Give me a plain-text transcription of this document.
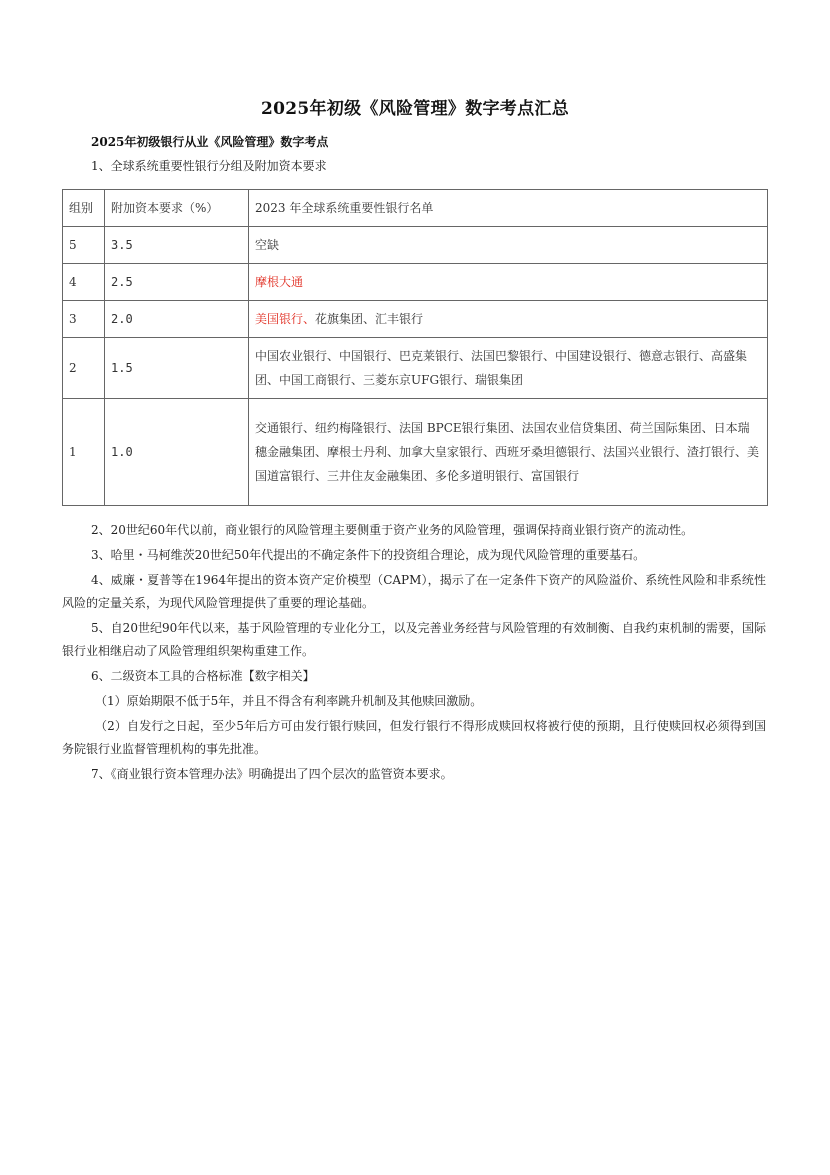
2025年初级《风险管理》数字考点汇总
2025年初级银行从业《风险管理》数字考点
1、全球系统重要性银行分组及附加资本要求
组别	附加资本要求（%）	2023 年全球系统重要性银行名单
5	3.5	空缺
4	2.5	摩根大通
3	2.0	美国银行、花旗集团、汇丰银行
2	1.5	中国农业银行、中国银行、巴克莱银行、法国巴黎银行、中国建设银行、德意志银行、高盛集团、中国工商银行、三菱东京UFG银行、瑞银集团
1	1.0	交通银行、纽约梅隆银行、法国 BPCE银行集团、法国农业信贷集团、荷兰国际集团、日本瑞穗金融集团、摩根士丹利、加拿大皇家银行、西班牙桑坦德银行、法国兴业银行、渣打银行、美国道富银行、三井住友金融集团、多伦多道明银行、富国银行

2、20世纪60年代以前，商业银行的风险管理主要侧重于资产业务的风险管理，强调保持商业银行资产的流动性。

3、哈里・马柯维茨20世纪50年代提出的不确定条件下的投资组合理论，成为现代风险管理的重要基石。

4、威廉・夏普等在1964年提出的资本资产定价模型（CAPM），揭示了在一定条件下资产的风险溢价、系统性风险和非系统性风险的定量关系，为现代风险管理提供了重要的理论基础。

5、自20世纪90年代以来，基于风险管理的专业化分工，以及完善业务经营与风险管理的有效制衡、自我约束机制的需要，国际银行业相继启动了风险管理组织架构重建工作。

6、二级资本工具的合格标准【数字相关】

（1）原始期限不低于5年，并且不得含有利率跳升机制及其他赎回激励。

（2）自发行之日起，至少5年后方可由发行银行赎回，但发行银行不得形成赎回权将被行使的预期，且行使赎回权必须得到国务院银行业监督管理机构的事先批准。

7、《商业银行资本管理办法》明确提出了四个层次的监管资本要求。
